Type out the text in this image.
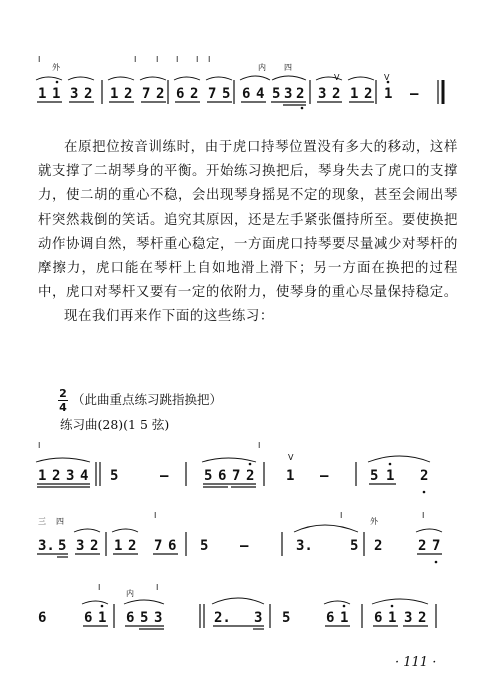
1 1 3 2 1 2 7 2 6 2 7 5 6 4 5 3 2 3 2 1 2 1 –
I
外
I I I I I
内 四
V	V

在原把位按音训练时，由于虎口持琴位置没有多大的移动，这样就支撑了二胡琴身的平衡。开始练习换把后，琴身失去了虎口的支撑力，使二胡的重心不稳，会出现琴身摇晃不定的现象，甚至会闹出琴杆突然栽倒的笑话。追究其原因，还是左手紧张僵持所至。要使换把动作协调自然，琴杆重心稳定，一方面虎口持琴要尽量减少对琴杆的摩擦力，虎口能在琴杆上自如地滑上滑下；另一方面在换把的过程中，虎口对琴杆又要有一定的依附力，使琴身的重心尽量保持稳定。

现在我们再来作下面的这些练习：

2
4
（此曲重点练习跳指换把）
练习曲(28)(1 5 弦)
1 2 3 4 5	–	5 6 7 2 1 –	5 1 2
I	I
V
3. 5 3 2 1 2 7 6 5 –	3.	5 2	2 7
三 四
I	I
外
I
6	6 1 6 5 3	2. 3 5	6 1 6 1 3 2
I
内
I
· 111 ·
